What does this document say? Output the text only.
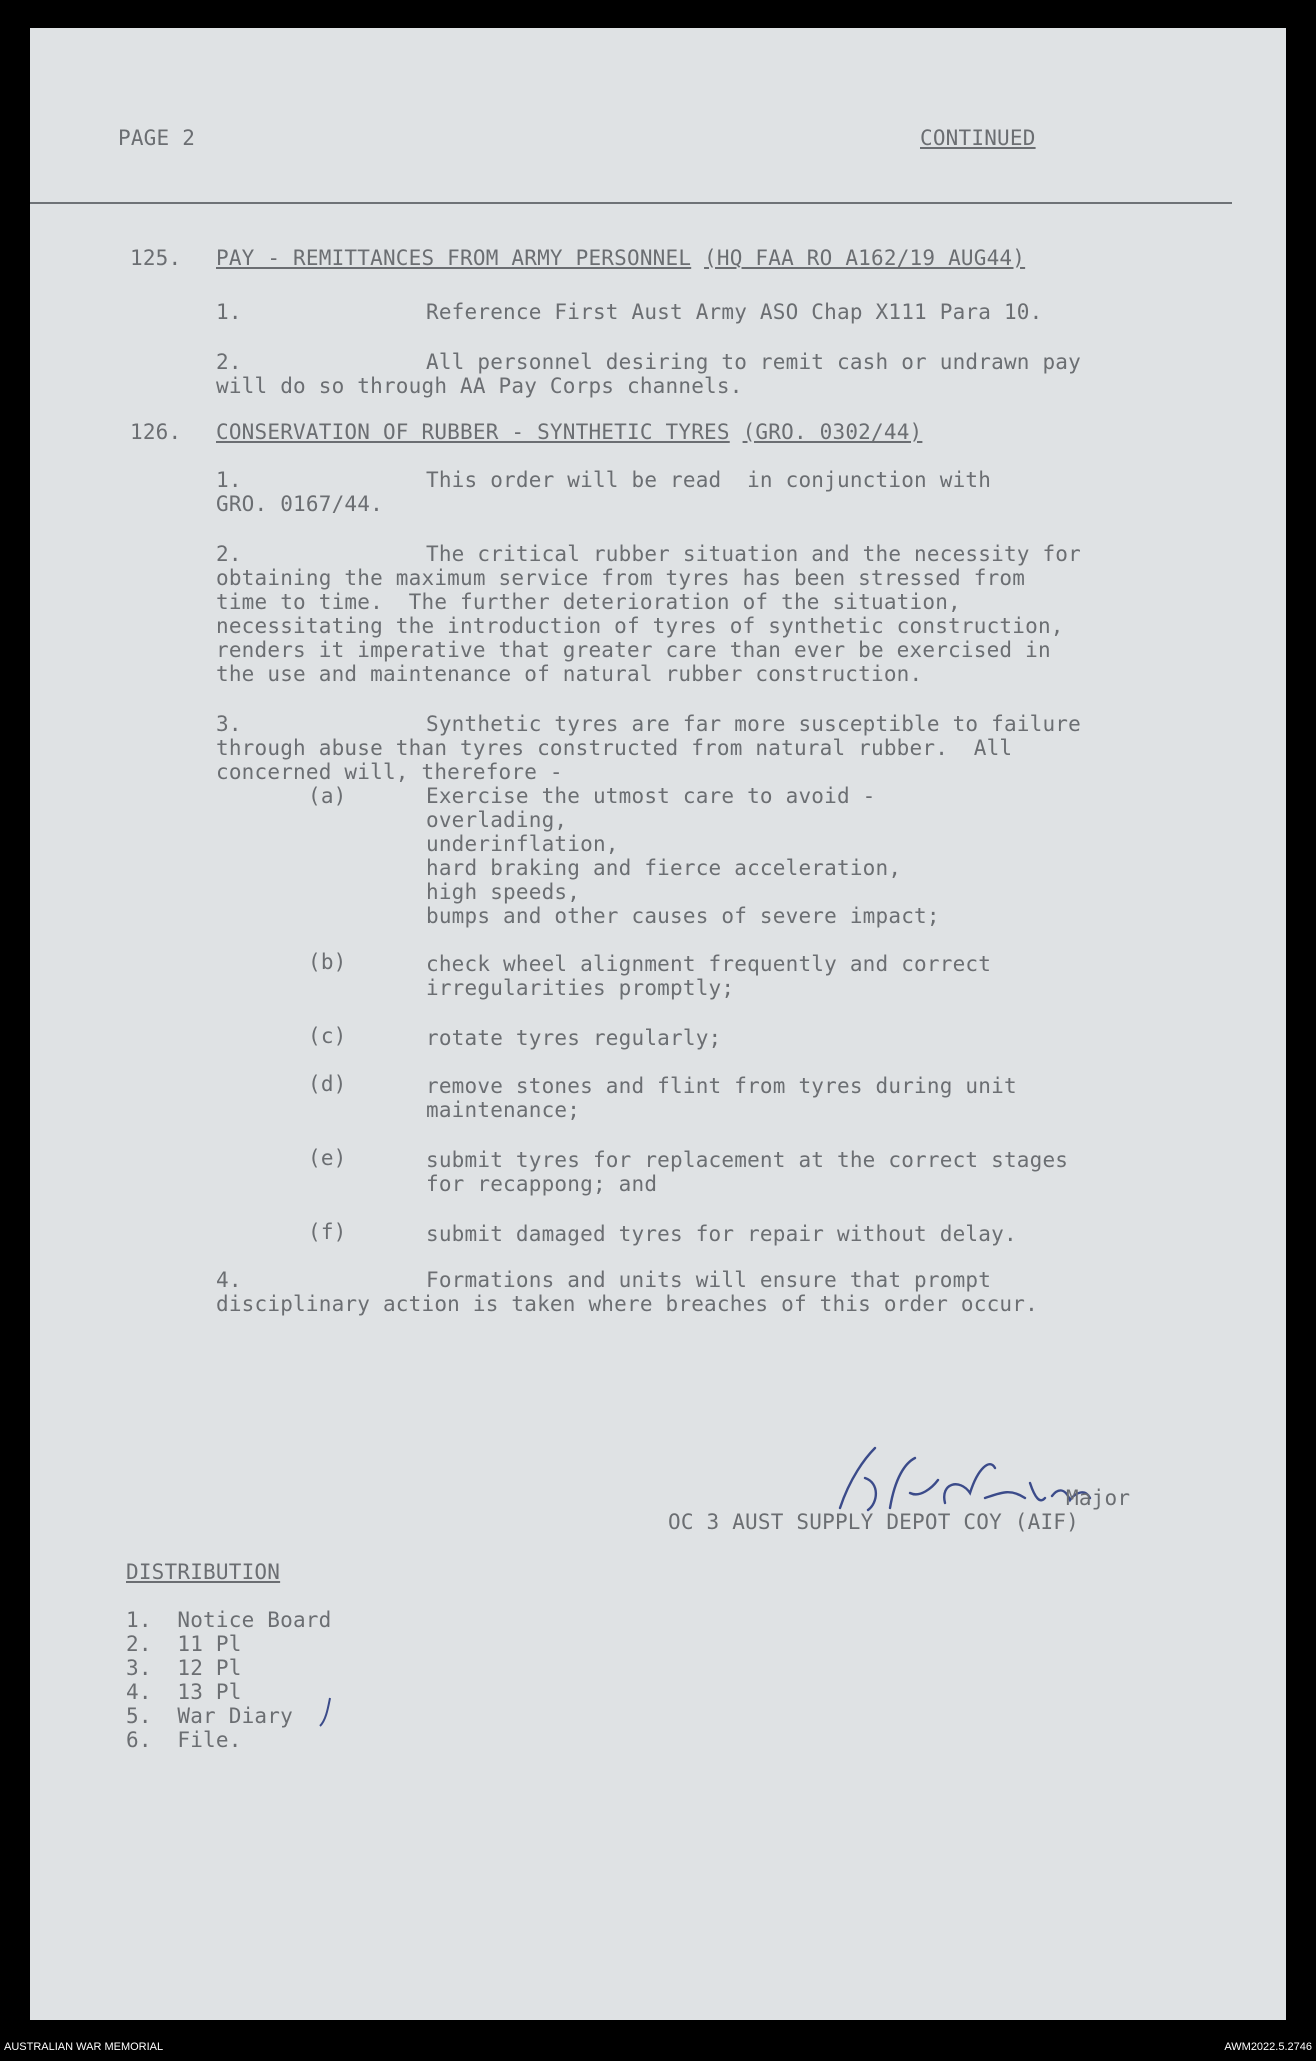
PAGE 2	CONTINUED
125. PAY - REMITTANCES FROM ARMY PERSONNEL (HQ FAA RO A162/19 AUG44)
1.	Reference First Aust Army ASO Chap X111 Para 10.
2.	All personnel desiring to remit cash or undrawn pay
will do so through AA Pay Corps channels.
126. CONSERVATION OF RUBBER - SYNTHETIC TYRES (GRO. 0302/44)
1.	This order will be read  in conjunction with
GRO. 0167/44.
2.	The critical rubber situation and the necessity for
obtaining the maximum service from tyres has been stressed from
time to time.  The further deterioration of the situation,
necessitating the introduction of tyres of synthetic construction,
renders it imperative that greater care than ever be exercised in
the use and maintenance of natural rubber construction.
3.	Synthetic tyres are far more susceptible to failure
through abuse than tyres constructed from natural rubber.  All
concerned will, therefore -
(a)	Exercise the utmost care to avoid -
overlading,
underinflation,
hard braking and fierce acceleration,
high speeds,
bumps and other causes of severe impact;
(b)	check wheel alignment frequently and correct
irregularities promptly;
(c)	rotate tyres regularly;
(d)	remove stones and flint from tyres during unit
maintenance;
(e)	submit tyres for replacement at the correct stages
for recappong; and
(f)	submit damaged tyres for repair without delay.
4.	Formations and units will ensure that prompt
disciplinary action is taken where breaches of this order occur.
Major
OC 3 AUST SUPPLY DEPOT COY (AIF)
DISTRIBUTION
1.  Notice Board
2.  11 Pl
3.  12 Pl
4.  13 Pl
5.  War Diary
6.  File.
AUSTRALIAN WAR MEMORIAL	AWM2022.5.2746
